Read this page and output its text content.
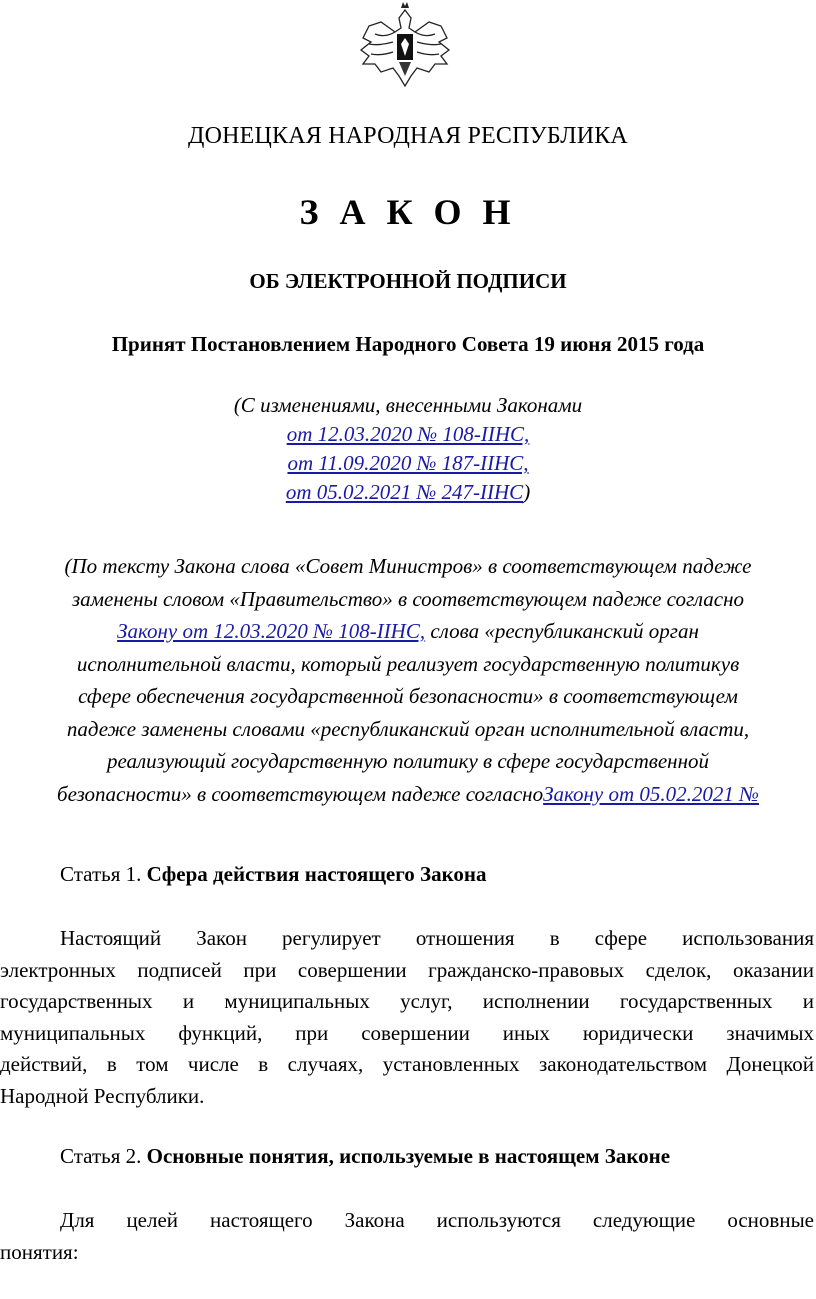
ДОНЕЦКАЯ НАРОДНАЯ РЕСПУБЛИКА
З А К О Н
ОБ ЭЛЕКТРОННОЙ ПОДПИСИ
Принят Постановлением Народного Совета 19 июня 2015 года
(С изменениями, внесенными Законами
от 12.03.2020 № 108-IIНС,
от 11.09.2020 № 187-IIНС,
от 05.02.2021 № 247-IIНС)
(По тексту Закона слова «Совет Министров» в соответствующем падеже
заменены словом «Правительство» в соответствующем падеже согласно
Закону от 12.03.2020 № 108-IIНС, слова «республиканский орган
исполнительной власти, который реализует государственную политикув
сфере обеспечения государственной безопасности» в соответствующем
падеже заменены словами «республиканский орган исполнительной власти,
реализующий государственную политику в сфере государственной
безопасности» в соответствующем падеже согласноЗакону от 05.02.2021 №
Статья 1. Сфера действия настоящего Закона
Настоящий Закон регулирует отношения в сфере использования
электронных подписей при совершении гражданско-правовых сделок, оказании
государственных и муниципальных услуг, исполнении государственных и
муниципальных функций, при совершении иных юридически значимых
действий, в том числе в случаях, установленных законодательством Донецкой
Народной Республики.
Статья 2. Основные понятия, используемые в настоящем Законе
Для целей настоящего Закона используются следующие основные
понятия:
